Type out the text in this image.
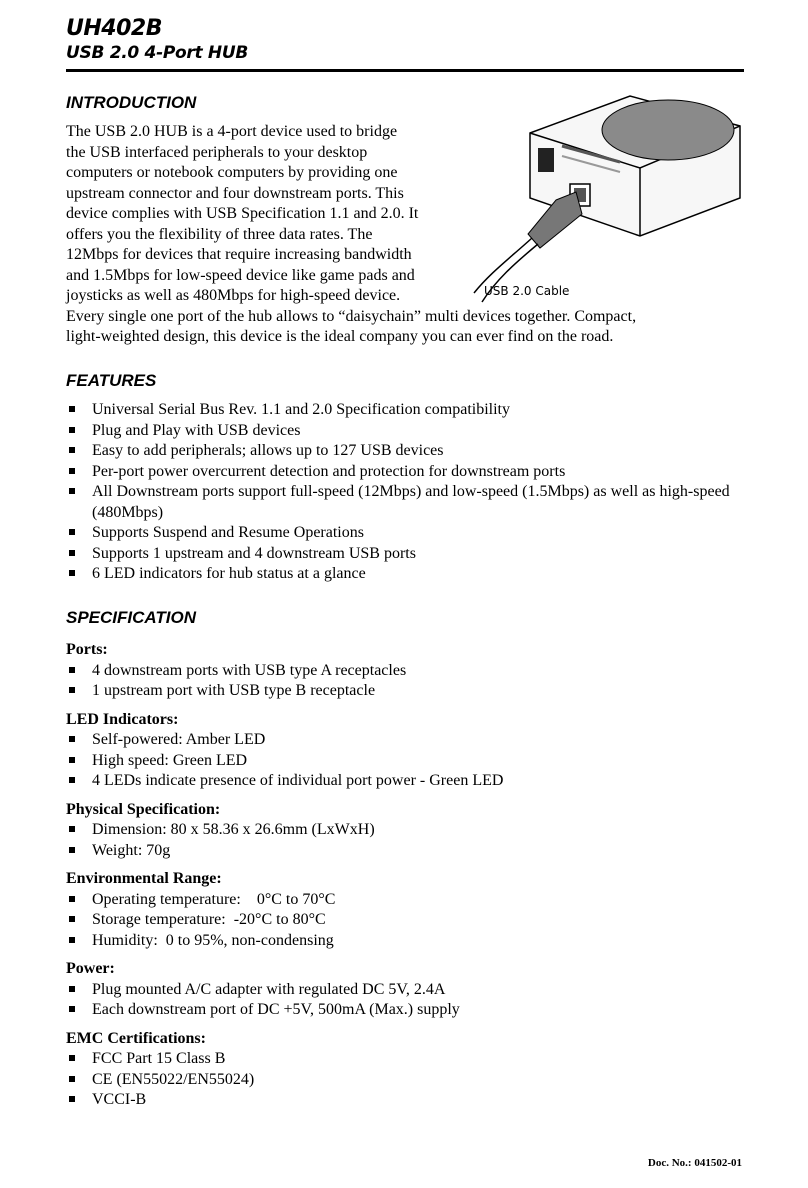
UH402B
USB 2.0 4-Port HUB
INTRODUCTION
USB 2.0 Cable
The USB 2.0 HUB is a 4-port device used to bridge
the USB interfaced peripherals to your desktop
computers or notebook computers by providing one
upstream connector and four downstream ports. This
device complies with USB Specification 1.1 and 2.0. It
offers you the flexibility of three data rates. The
12Mbps for devices that require increasing bandwidth
and 1.5Mbps for low-speed device like game pads and
joysticks as well as 480Mbps for high-speed device.
Every single one port of the hub allows to “daisychain” multi devices together. Compact,
light-weighted design, this device is the ideal company you can ever find on the road.
FEATURES
Universal Serial Bus Rev. 1.1 and 2.0 Specification compatibility
Plug and Play with USB devices
Easy to add peripherals; allows up to 127 USB devices
Per-port power overcurrent detection and protection for downstream ports
All Downstream ports support full-speed (12Mbps) and low-speed (1.5Mbps) as well as high-speed (480Mbps)
Supports Suspend and Resume Operations
Supports 1 upstream and 4 downstream USB ports
6 LED indicators for hub status at a glance
SPECIFICATION
Ports:
4 downstream ports with USB type A receptacles
1 upstream port with USB type B receptacle
LED Indicators:
Self-powered: Amber LED
High speed: Green LED
4 LEDs indicate presence of individual port power - Green LED
Physical Specification:
Dimension: 80 x 58.36 x 26.6mm (LxWxH)
Weight: 70g
Environmental Range:
Operating temperature:    0°C to 70°C
Storage temperature:  -20°C to 80°C
Humidity:  0 to 95%, non-condensing
Power:
Plug mounted A/C adapter with regulated DC 5V, 2.4A
Each downstream port of DC +5V, 500mA (Max.) supply
EMC Certifications:
FCC Part 15 Class B
CE (EN55022/EN55024)
VCCI-B
Doc. No.: 041502-01
